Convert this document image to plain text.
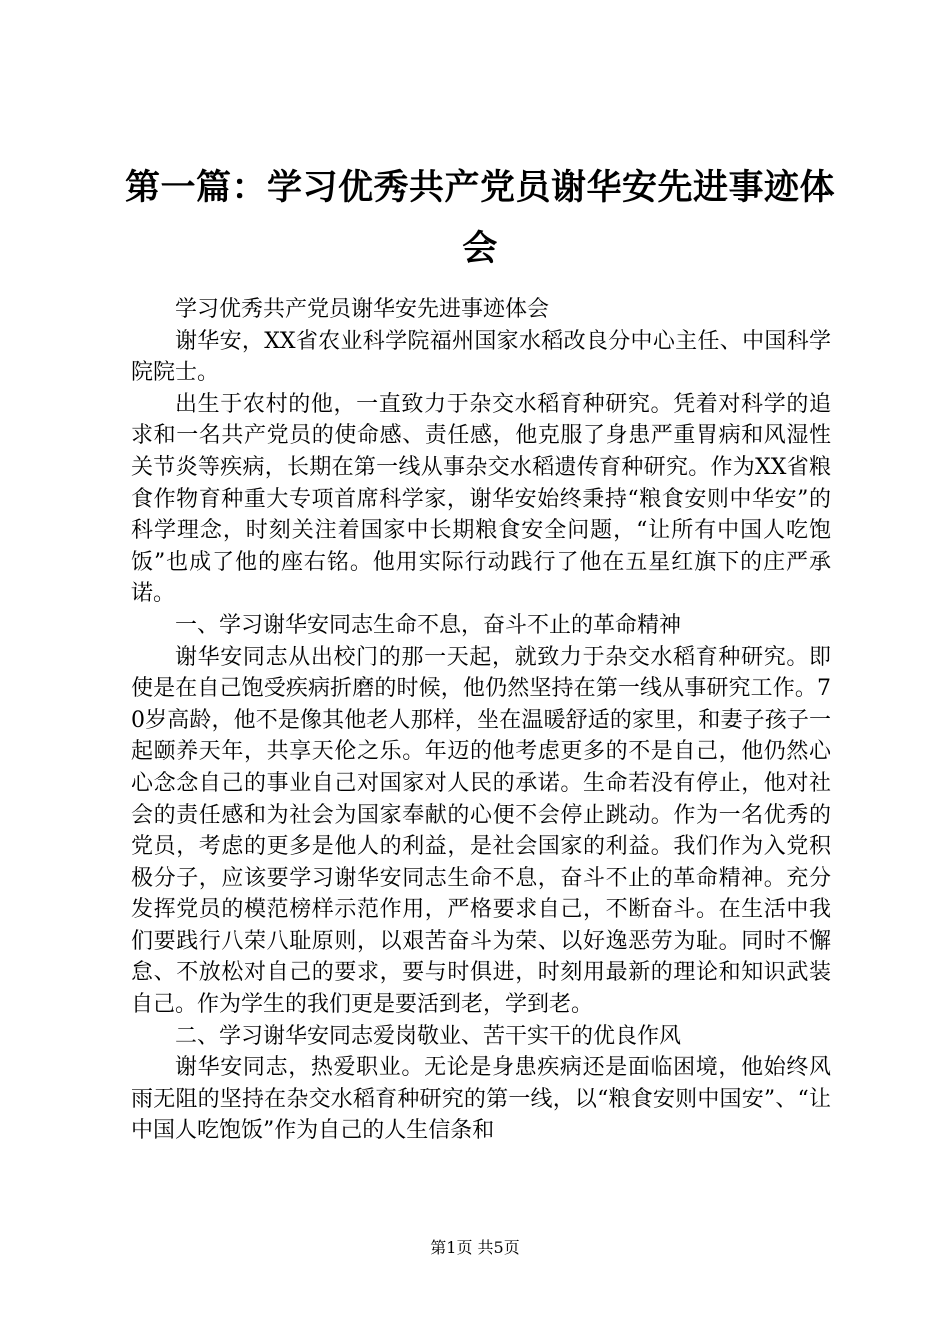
第一篇：学习优秀共产党员谢华安先进事迹体会

学习优秀共产党员谢华安先进事迹体会

谢华安，XX省农业科学院福州国家水稻改良分中心主任、中国科学院院士。

出生于农村的他，一直致力于杂交水稻育种研究。凭着对科学的追求和一名共产党员的使命感、责任感，他克服了身患严重胃病和风湿性关节炎等疾病，长期在第一线从事杂交水稻遗传育种研究。作为XX省粮食作物育种重大专项首席科学家，谢华安始终秉持“粮食安则中华安”的科学理念，时刻关注着国家中长期粮食安全问题，“让所有中国人吃饱饭”也成了他的座右铭。他用实际行动践行了他在五星红旗下的庄严承诺。

一、学习谢华安同志生命不息，奋斗不止的革命精神

谢华安同志从出校门的那一天起，就致力于杂交水稻育种研究。即使是在自己饱受疾病折磨的时候，他仍然坚持在第一线从事研究工作。70岁高龄，他不是像其他老人那样，坐在温暖舒适的家里，和妻子孩子一起颐养天年，共享天伦之乐。年迈的他考虑更多的不是自己，他仍然心心念念自己的事业自己对国家对人民的承诺。生命若没有停止，他对社会的责任感和为社会为国家奉献的心便不会停止跳动。作为一名优秀的党员，考虑的更多是他人的利益，是社会国家的利益。我们作为入党积极分子，应该要学习谢华安同志生命不息，奋斗不止的革命精神。充分发挥党员的模范榜样示范作用，严格要求自己，不断奋斗。在生活中我们要践行八荣八耻原则，以艰苦奋斗为荣、以好逸恶劳为耻。同时不懈怠、不放松对自己的要求，要与时俱进，时刻用最新的理论和知识武装自己。作为学生的我们更是要活到老，学到老。

二、学习谢华安同志爱岗敬业、苦干实干的优良作风

谢华安同志，热爱职业。无论是身患疾病还是面临困境，他始终风雨无阻的坚持在杂交水稻育种研究的第一线，以“粮食安则中国安”、“让中国人吃饱饭”作为自己的人生信条和

第1页 共5页
